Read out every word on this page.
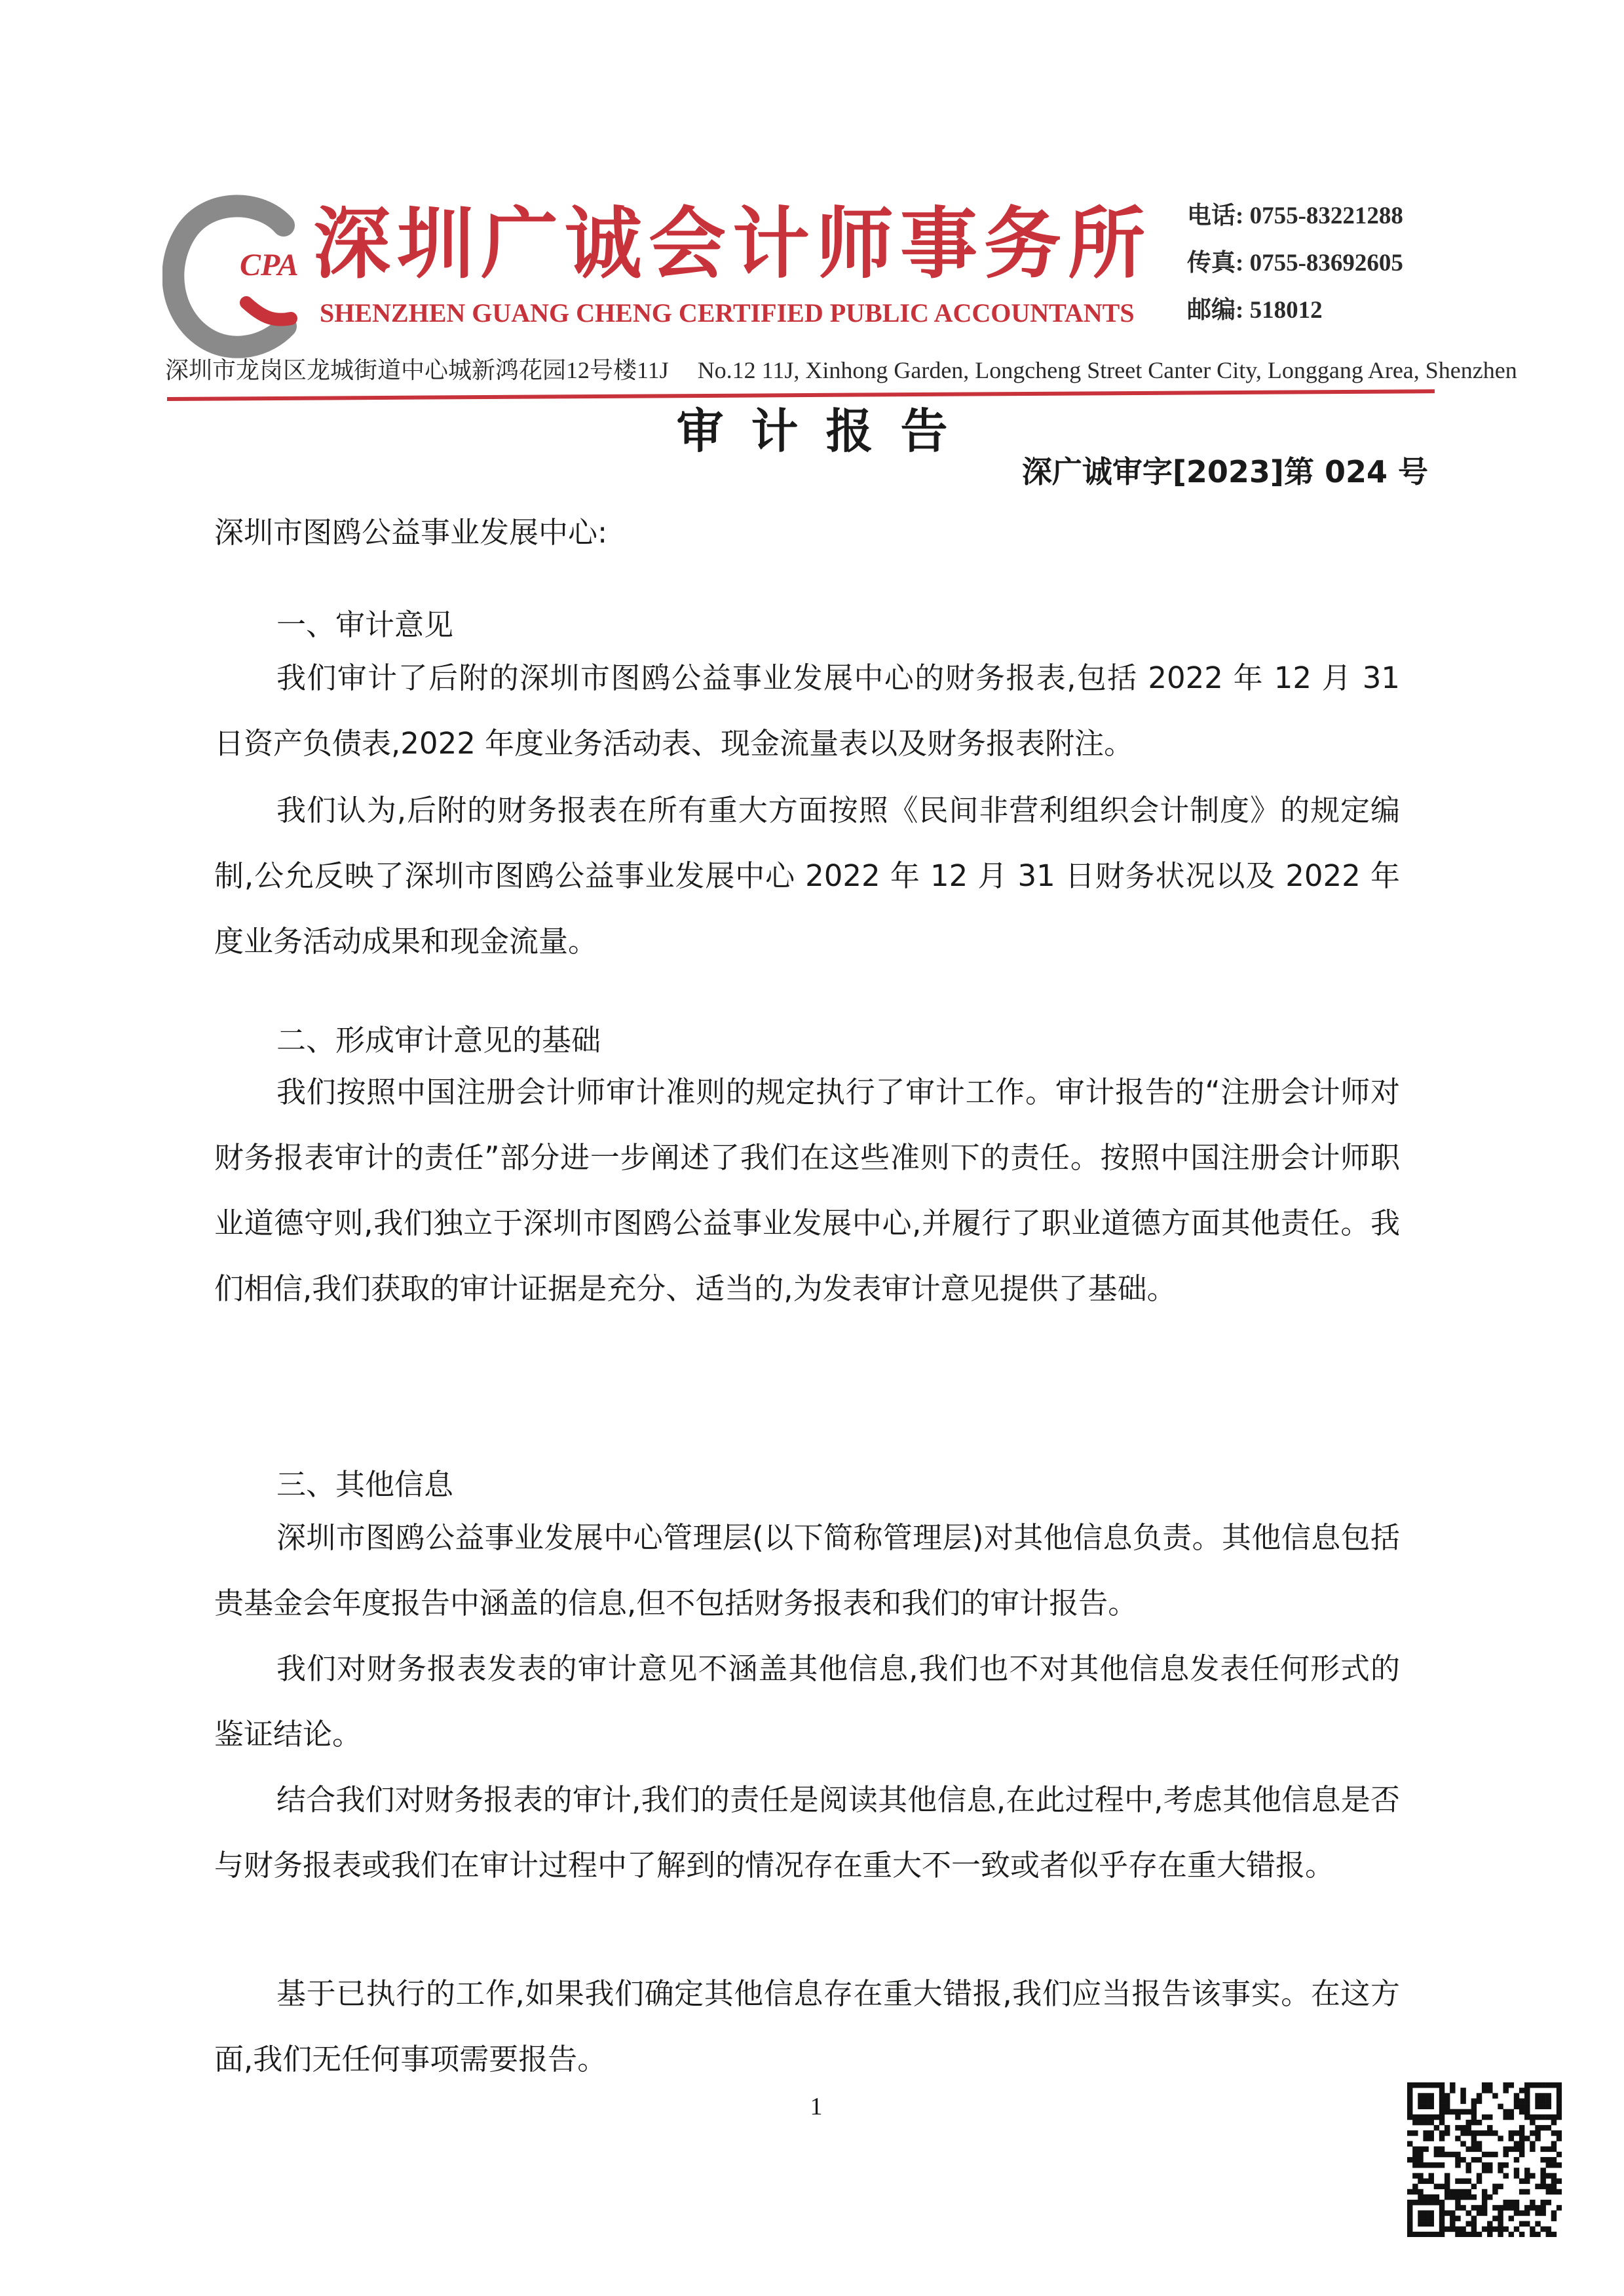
CPA 深圳广诚会计师事务所
SHENZHEN GUANG CHENG CERTIFIED PUBLIC ACCOUNTANTS
电话: 0755-83221288
传真: 0755-83692605
邮编: 518012
深圳市龙岗区龙城街道中心城新鸿花园12号楼11J No.12 11J, Xinhong Garden, Longcheng Street Canter City, Longgang Area, Shenzhen
审计报告
深广诚审字[2023]第 024 号
深圳市图鸥公益事业发展中心:
一、审计意见
我们审计了后附的深圳市图鸥公益事业发展中心的财务报表,包括 2022 年 12 月 31 日资产负债表,2022 年度业务活动表、现金流量表以及财务报表附注。
我们认为,后附的财务报表在所有重大方面按照《民间非营利组织会计制度》的规定编制,公允反映了深圳市图鸥公益事业发展中心 2022 年 12 月 31 日财务状况以及 2022 年度业务活动成果和现金流量。
二、形成审计意见的基础
我们按照中国注册会计师审计准则的规定执行了审计工作。审计报告的“注册会计师对财务报表审计的责任”部分进一步阐述了我们在这些准则下的责任。按照中国注册会计师职业道德守则,我们独立于深圳市图鸥公益事业发展中心,并履行了职业道德方面其他责任。我们相信,我们获取的审计证据是充分、适当的,为发表审计意见提供了基础。
三、其他信息
深圳市图鸥公益事业发展中心管理层(以下简称管理层)对其他信息负责。其他信息包括贵基金会年度报告中涵盖的信息,但不包括财务报表和我们的审计报告。
我们对财务报表发表的审计意见不涵盖其他信息,我们也不对其他信息发表任何形式的鉴证结论。
结合我们对财务报表的审计,我们的责任是阅读其他信息,在此过程中,考虑其他信息是否与财务报表或我们在审计过程中了解到的情况存在重大不一致或者似乎存在重大错报。
基于已执行的工作,如果我们确定其他信息存在重大错报,我们应当报告该事实。在这方面,我们无任何事项需要报告。
1
